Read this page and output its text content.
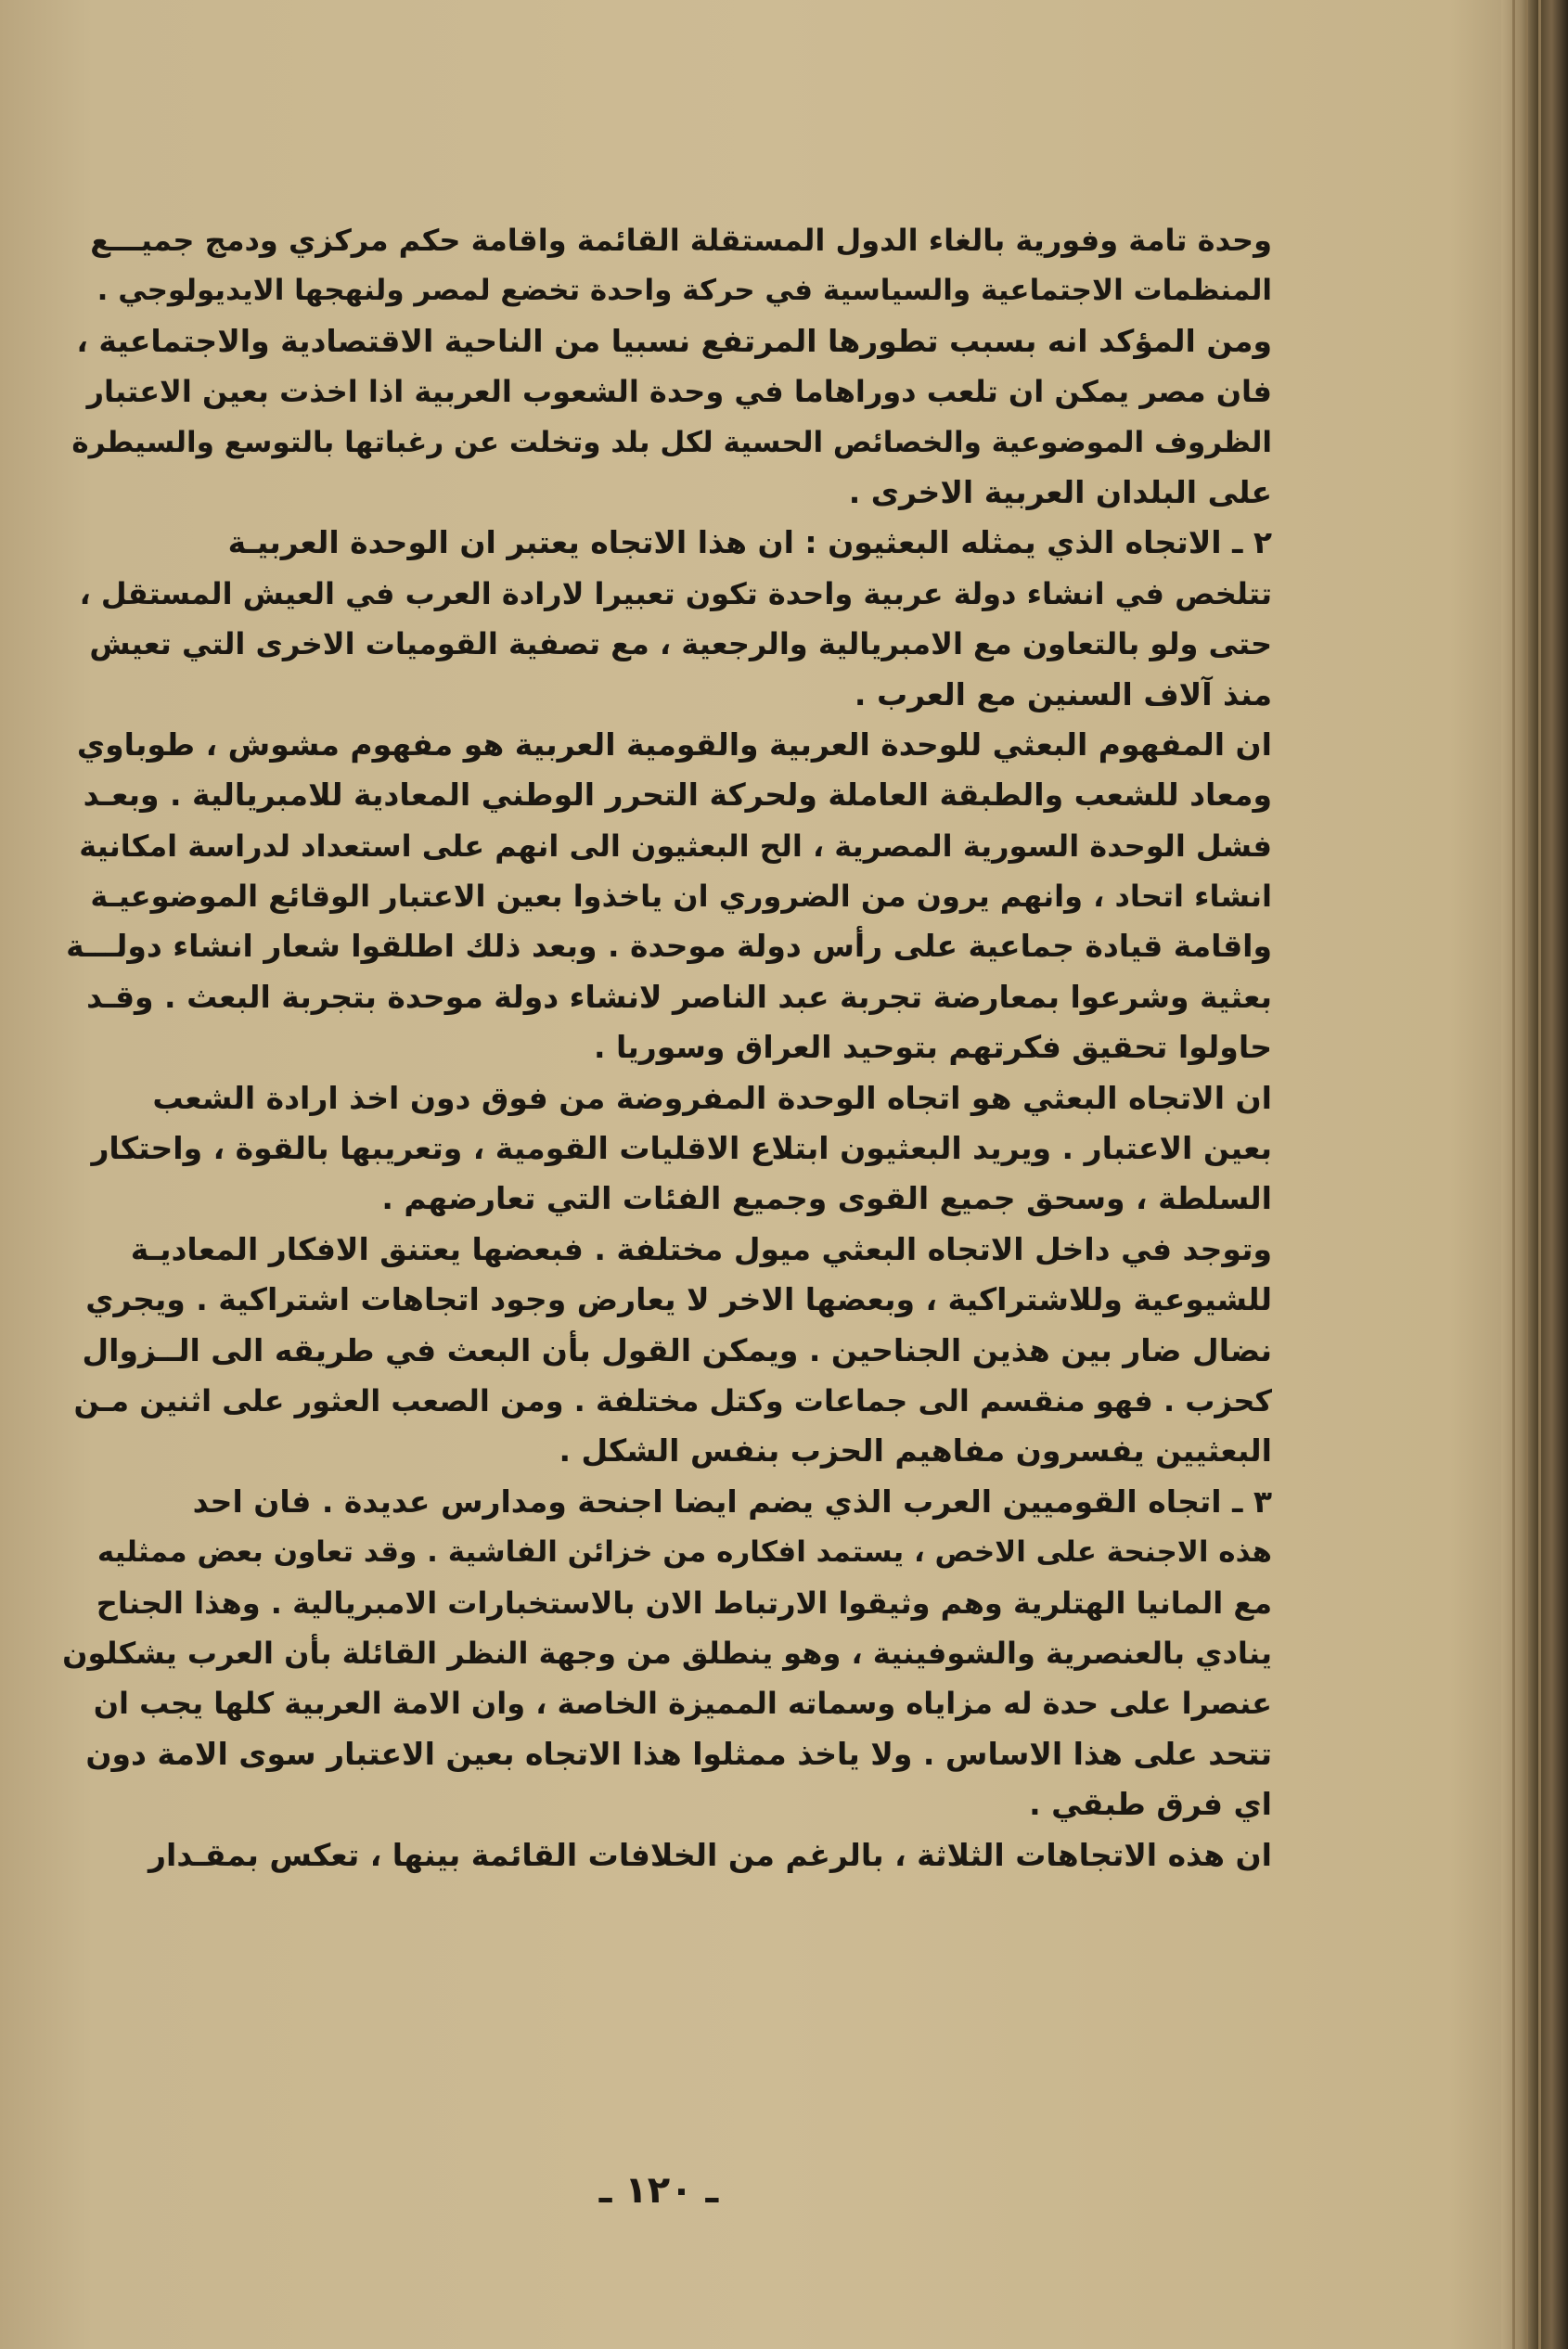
وحدة تامة وفورية بالغاء الدول المستقلة القائمة واقامة حكم مركزي ودمج جميـــع
المنظمات الاجتماعية والسياسية في حركة واحدة تخضع لمصر ولنهجها الايديولوجي .
ومن المؤكد انه بسبب تطورها المرتفع نسبيا من الناحية الاقتصادية والاجتماعية ،
فان مصر يمكن ان تلعب دوراهاما في وحدة الشعوب العربية اذا اخذت بعين الاعتبار
الظروف الموضوعية والخصائص الحسية لكل بلد وتخلت عن رغباتها بالتوسع والسيطرة
على البلدان العربية الاخرى .
٢ ـ الاتجاه الذي يمثله البعثيون : ان هذا الاتجاه يعتبر ان الوحدة العربيـة
تتلخص في انشاء دولة عربية واحدة تكون تعبيرا لارادة العرب في العيش المستقل ،
حتى ولو بالتعاون مع الامبريالية والرجعية ، مع تصفية القوميات الاخرى التي تعيش
منذ آلاف السنين مع العرب .
ان المفهوم البعثي للوحدة العربية والقومية العربية هو مفهوم مشوش ، طوباوي
ومعاد للشعب والطبقة العاملة ولحركة التحرر الوطني المعادية للامبريالية . وبعـد
فشل الوحدة السورية المصرية ، الح البعثيون الى انهم على استعداد لدراسة امكانية
انشاء اتحاد ، وانهم يرون من الضروري ان ياخذوا بعين الاعتبار الوقائع الموضوعيـة
واقامة قيادة جماعية على رأس دولة موحدة . وبعد ذلك اطلقوا شعار انشاء دولـــة
بعثية وشرعوا بمعارضة تجربة عبد الناصر لانشاء دولة موحدة بتجربة البعث . وقـد
حاولوا تحقيق فكرتهم بتوحيد العراق وسوريا .
ان الاتجاه البعثي هو اتجاه الوحدة المفروضة من فوق دون اخذ ارادة الشعب
بعين الاعتبار . ويريد البعثيون ابتلاع الاقليات القومية ، وتعريبها بالقوة ، واحتكار
السلطة ، وسحق جميع القوى وجميع الفئات التي تعارضهم .
وتوجد في داخل الاتجاه البعثي ميول مختلفة . فبعضها يعتنق الافكار المعاديـة
للشيوعية وللاشتراكية ، وبعضها الاخر لا يعارض وجود اتجاهات اشتراكية . ويجري
نضال ضار بين هذين الجناحين . ويمكن القول بأن البعث في طريقه الى الــزوال
كحزب . فهو منقسم الى جماعات وكتل مختلفة . ومن الصعب العثور على اثنين مـن
البعثيين يفسرون مفاهيم الحزب بنفس الشكل .
٣ ـ اتجاه القوميين العرب الذي يضم ايضا اجنحة ومدارس عديدة . فان احد
هذه الاجنحة على الاخص ، يستمد افكاره من خزائن الفاشية . وقد تعاون بعض ممثليه
مع المانيا الهتلرية وهم وثيقوا الارتباط الان بالاستخبارات الامبريالية . وهذا الجناح
ينادي بالعنصرية والشوفينية ، وهو ينطلق من وجهة النظر القائلة بأن العرب يشكلون
عنصرا على حدة له مزاياه وسماته المميزة الخاصة ، وان الامة العربية كلها يجب ان
تتحد على هذا الاساس . ولا ياخذ ممثلوا هذا الاتجاه بعين الاعتبار سوى الامة دون
اي فرق طبقي .
ان هذه الاتجاهات الثلاثة ، بالرغم من الخلافات القائمة بينها ، تعكس بمقـدار
ـ ١٢٠ ـ
